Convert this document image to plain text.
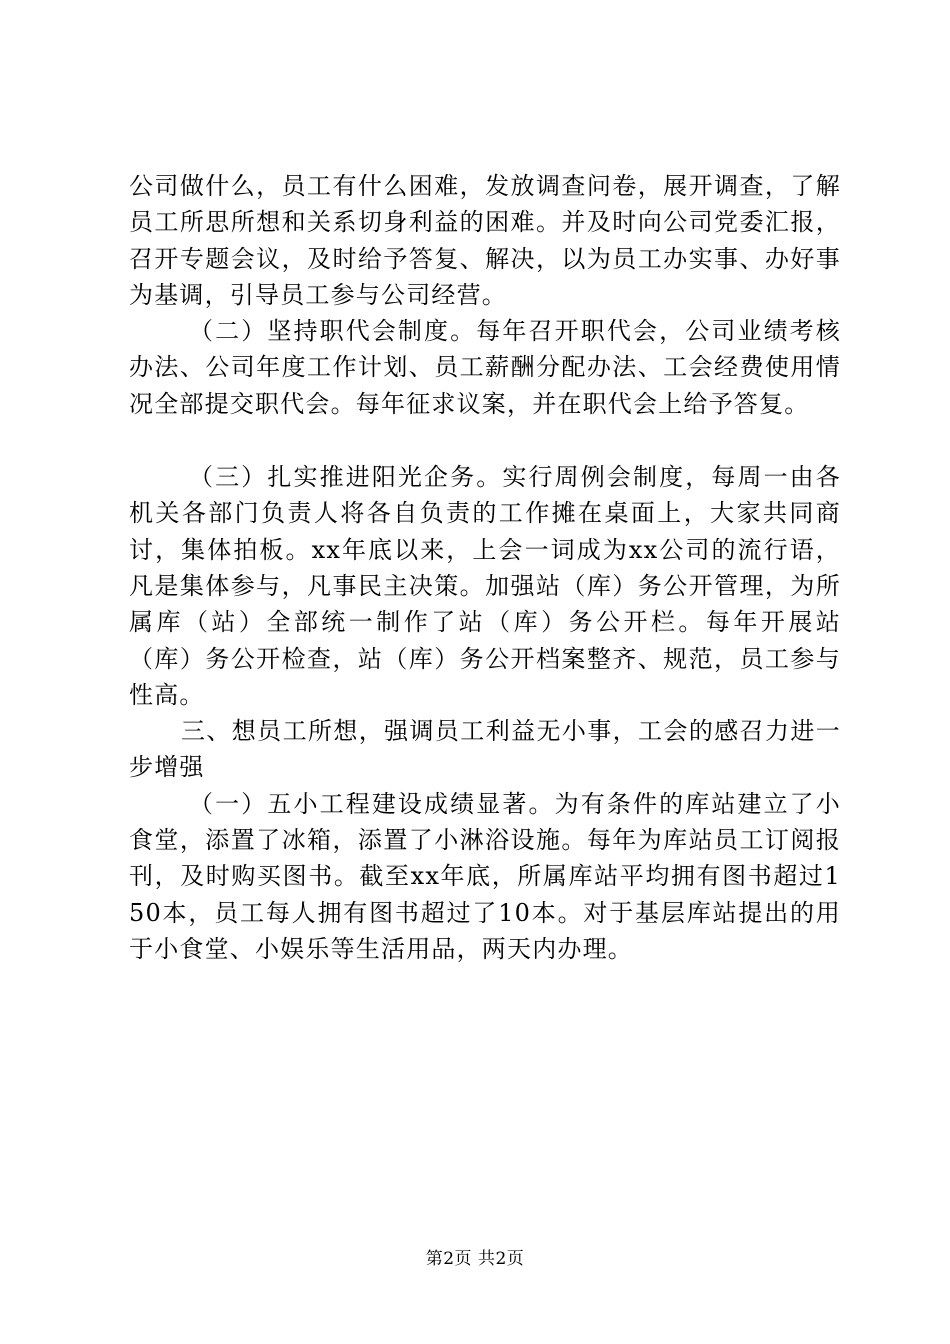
公司做什么，员工有什么困难，发放调查问卷，展开调查，了解员工所思所想和关系切身利益的困难。并及时向公司党委汇报，召开专题会议，及时给予答复、解决，以为员工办实事、办好事为基调，引导员工参与公司经营。

（二）坚持职代会制度。每年召开职代会，公司业绩考核办法、公司年度工作计划、员工薪酬分配办法、工会经费使用情况全部提交职代会。每年征求议案，并在职代会上给予答复。

（三）扎实推进阳光企务。实行周例会制度，每周一由各机关各部门负责人将各自负责的工作摊在桌面上，大家共同商讨，集体拍板。xx年底以来，上会一词成为xx公司的流行语，凡是集体参与，凡事民主决策。加强站（库）务公开管理，为所属库（站）全部统一制作了站（库）务公开栏。每年开展站（库）务公开检查，站（库）务公开档案整齐、规范，员工参与性高。

三、想员工所想，强调员工利益无小事，工会的感召力进一步增强

（一）五小工程建设成绩显著。为有条件的库站建立了小食堂，添置了冰箱，添置了小淋浴设施。每年为库站员工订阅报刊，及时购买图书。截至xx年底，所属库站平均拥有图书超过150本，员工每人拥有图书超过了10本。对于基层库站提出的用于小食堂、小娱乐等生活用品，两天内办理。

第2页 共2页
